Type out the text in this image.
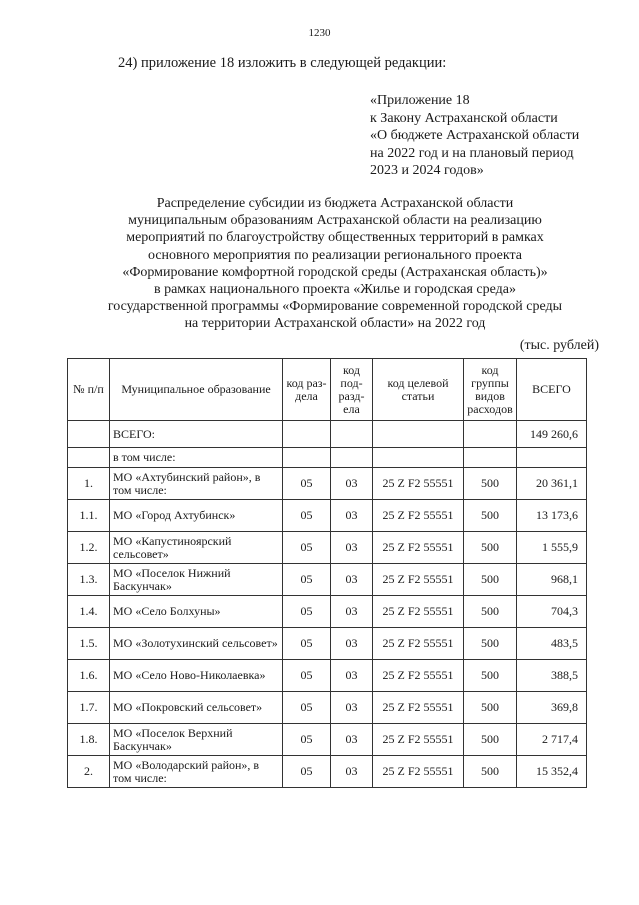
1230
24) приложение 18 изложить в следующей редакции:
«Приложение 18
к Закону Астраханской области
«О бюджете Астраханской области
на 2022 год и на плановый период
2023 и 2024 годов»
Распределение субсидии из бюджета Астраханской области
муниципальным образованиям Астраханской области на реализацию
мероприятий по благоустройству общественных территорий в рамках
основного мероприятия по реализации регионального проекта
«Формирование комфортной городской среды (Астраханская область)»
в рамках национального проекта «Жилье и городская среда»
государственной программы «Формирование современной городской среды
на территории Астраханской области» на 2022 год
(тыс. рублей)
№ п/п	Муниципальное образование	код раз-дела	код под-разд-ела	код целевой статьи	код группы видов расходов	ВСЕГО
	ВСЕГО:					149 260,6
	в том числе:					
1.	МО «Ахтубинский район», в том числе:	05	03	25 Z F2 55551	500	20 361,1
1.1.	МО «Город Ахтубинск»	05	03	25 Z F2 55551	500	13 173,6
1.2.	МО «Капустиноярский сельсовет»	05	03	25 Z F2 55551	500	1 555,9
1.3.	МО «Поселок Нижний Баскунчак»	05	03	25 Z F2 55551	500	968,1
1.4.	МО «Село Болхуны»	05	03	25 Z F2 55551	500	704,3
1.5.	МО «Золотухинский сельсовет»	05	03	25 Z F2 55551	500	483,5
1.6.	МО «Село Ново-Николаевка»	05	03	25 Z F2 55551	500	388,5
1.7.	МО «Покровский сельсовет»	05	03	25 Z F2 55551	500	369,8
1.8.	МО «Поселок Верхний Баскунчак»	05	03	25 Z F2 55551	500	2 717,4
2.	МО «Володарский район», в том числе:	05	03	25 Z F2 55551	500	15 352,4
